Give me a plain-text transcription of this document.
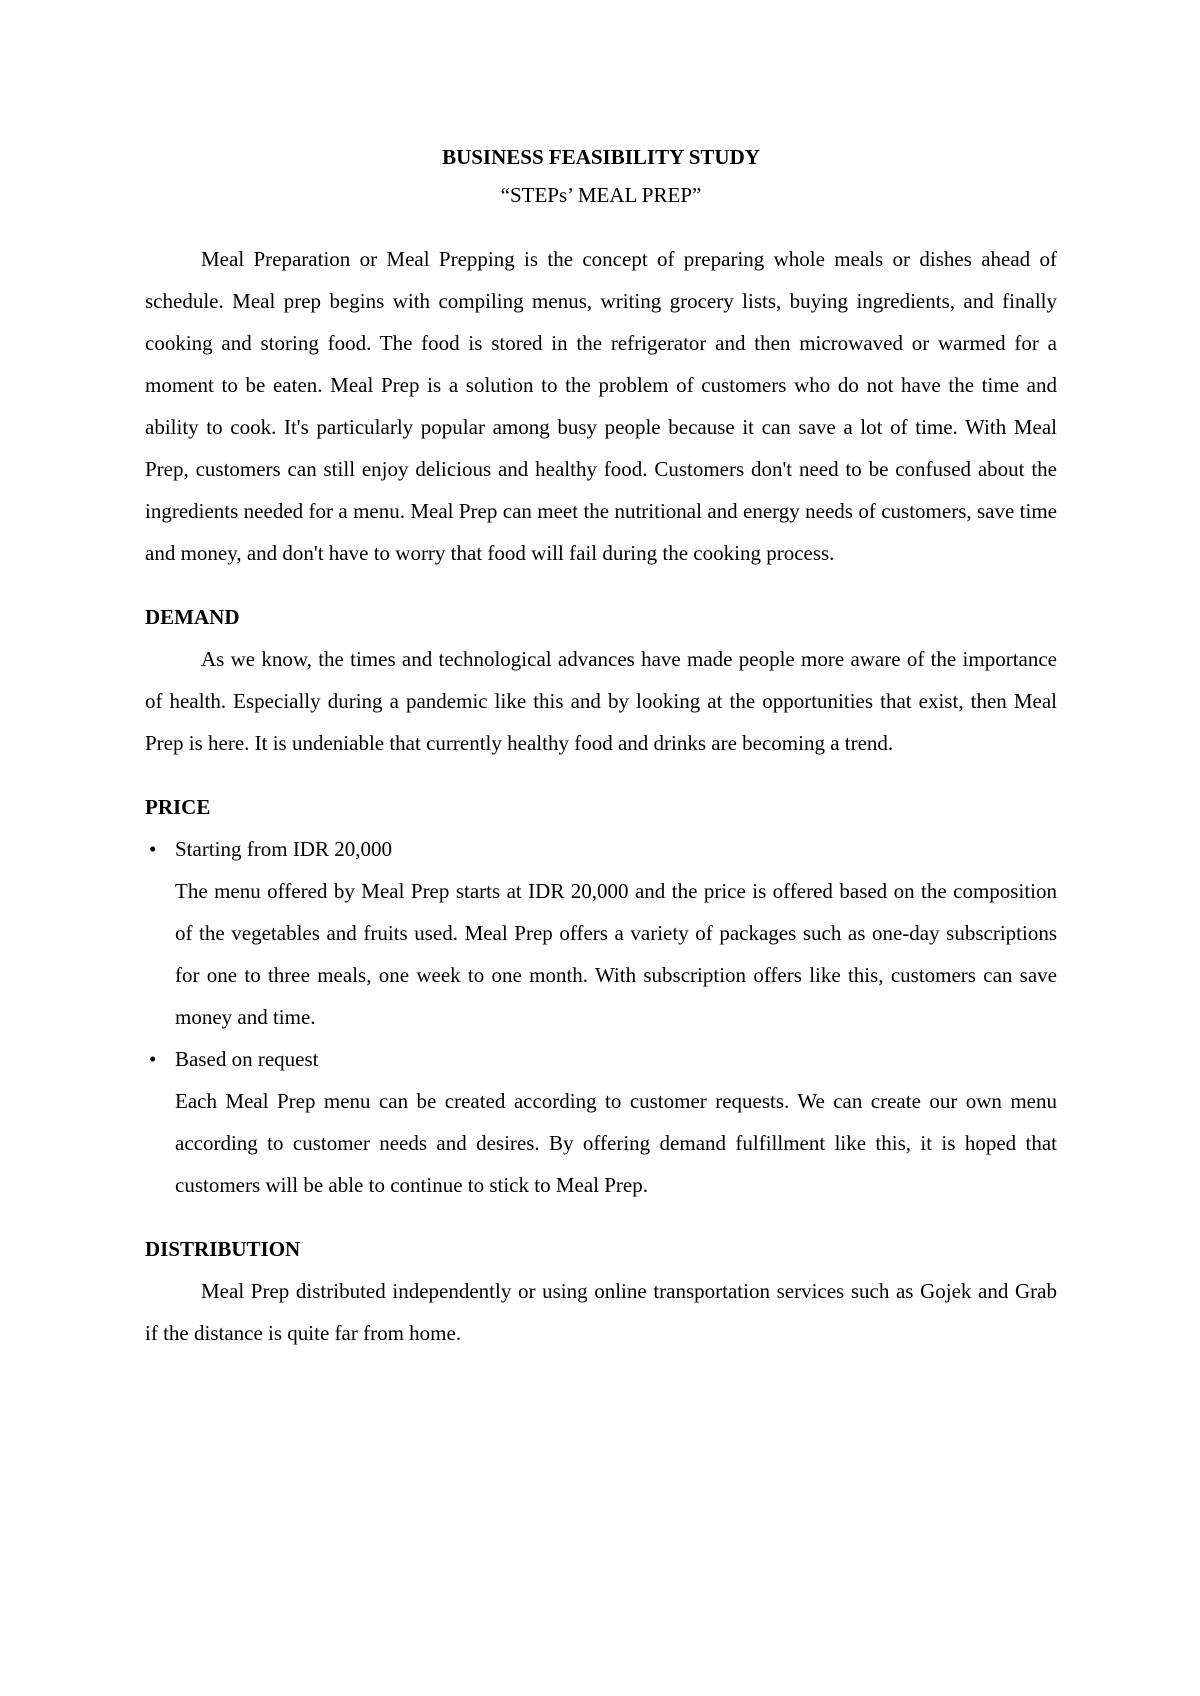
BUSINESS FEASIBILITY STUDY
“STEPs’ MEAL PREP”

Meal Preparation or Meal Prepping is the concept of preparing whole meals or dishes ahead of schedule. Meal prep begins with compiling menus, writing grocery lists, buying ingredients, and finally cooking and storing food. The food is stored in the refrigerator and then microwaved or warmed for a moment to be eaten. Meal Prep is a solution to the problem of customers who do not have the time and ability to cook. It's particularly popular among busy people because it can save a lot of time. With Meal Prep, customers can still enjoy delicious and healthy food. Customers don't need to be confused about the ingredients needed for a menu. Meal Prep can meet the nutritional and energy needs of customers, save time and money, and don't have to worry that food will fail during the cooking process.

DEMAND

As we know, the times and technological advances have made people more aware of the importance of health. Especially during a pandemic like this and by looking at the opportunities that exist, then Meal Prep is here. It is undeniable that currently healthy food and drinks are becoming a trend.

PRICE
• Starting from IDR 20,000
The menu offered by Meal Prep starts at IDR 20,000 and the price is offered based on the composition of the vegetables and fruits used. Meal Prep offers a variety of packages such as one-day subscriptions for one to three meals, one week to one month. With subscription offers like this, customers can save money and time.
• Based on request
Each Meal Prep menu can be created according to customer requests. We can create our own menu according to customer needs and desires. By offering demand fulfillment like this, it is hoped that customers will be able to continue to stick to Meal Prep.
DISTRIBUTION

Meal Prep distributed independently or using online transportation services such as Gojek and Grab if the distance is quite far from home.
